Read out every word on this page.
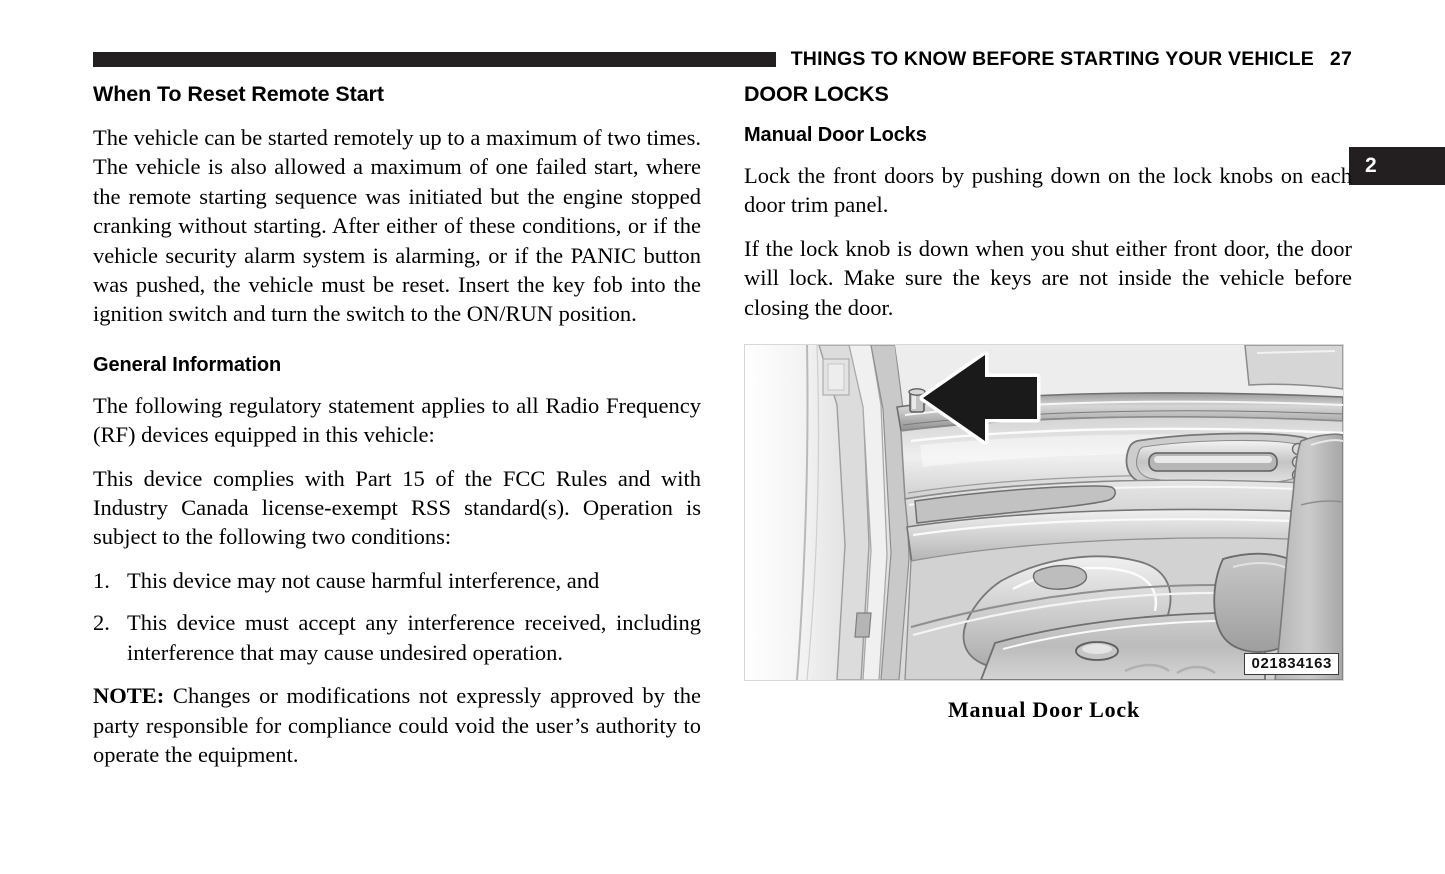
THINGS TO KNOW BEFORE STARTING YOUR VEHICLE 27
2
When To Reset Remote Start

The vehicle can be started remotely up to a maximum of two times. The vehicle is also allowed a maximum of one failed start, where the remote starting sequence was initiated but the engine stopped cranking without starting. After either of these conditions, or if the vehicle security alarm system is alarming, or if the PANIC button was pushed, the vehicle must be reset. Insert the key fob into the ignition switch and turn the switch to the ON/RUN position.

General Information

The following regulatory statement applies to all Radio Frequency (RF) devices equipped in this vehicle:

This device complies with Part 15 of the FCC Rules and with Industry Canada license-exempt RSS standard(s). Operation is subject to the following two conditions:

1. This device may not cause harmful interference, and
2. This device must accept any interference received, including interference that may cause undesired operation.

NOTE: Changes or modifications not expressly approved by the party responsible for compliance could void the user’s authority to operate the equipment.

DOOR LOCKS
Manual Door Locks

Lock the front doors by pushing down on the lock knobs on each door trim panel.

If the lock knob is down when you shut either front door, the door will lock. Make sure the keys are not inside the vehicle before closing the door.

021834163
Manual Door Lock
